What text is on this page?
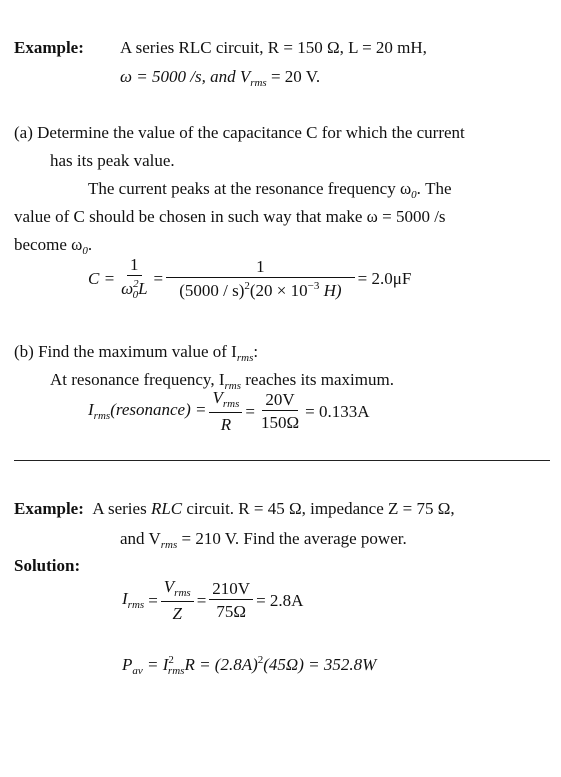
Example: A series RLC circuit, R = 150 Ω, L = 20 mH,
ω = 5000 /s, and $V_{rms} = 20$ V.
(a) Determine the value of the capacitance C for which the current
has its peak value.
The current peaks at the resonance frequency $\omega_0$. The
value of C should be chosen in such way that make ω = 5000 /s
become $\omega_0$.
$C = \frac{1}{\omega^2_0L} = \frac{1}{(5000 / s)^2(20 \times 10^{-3} H)} = 2.0\mu F$
(b) Find the maximum value of $I_{rms}$:
At resonance frequency, $I_{rms}$ reaches its maximum.
$I_{rms}(resonance) = \frac{V_{rms}}{R} = \frac{20V}{150\Omega} = 0.133A$
Example: A series RLC circuit. R = 45 Ω, impedance Z = 75 Ω,
and $V_{rms} = 210$ V. Find the average power.
Solution:
$I_{rms} = \frac{V_{rms}}{Z} = \frac{210V}{75\Omega} = 2.8A$
$P_{av} = I^2_{rms}R = (2.8A)^2(45\Omega) = 352.8W$
